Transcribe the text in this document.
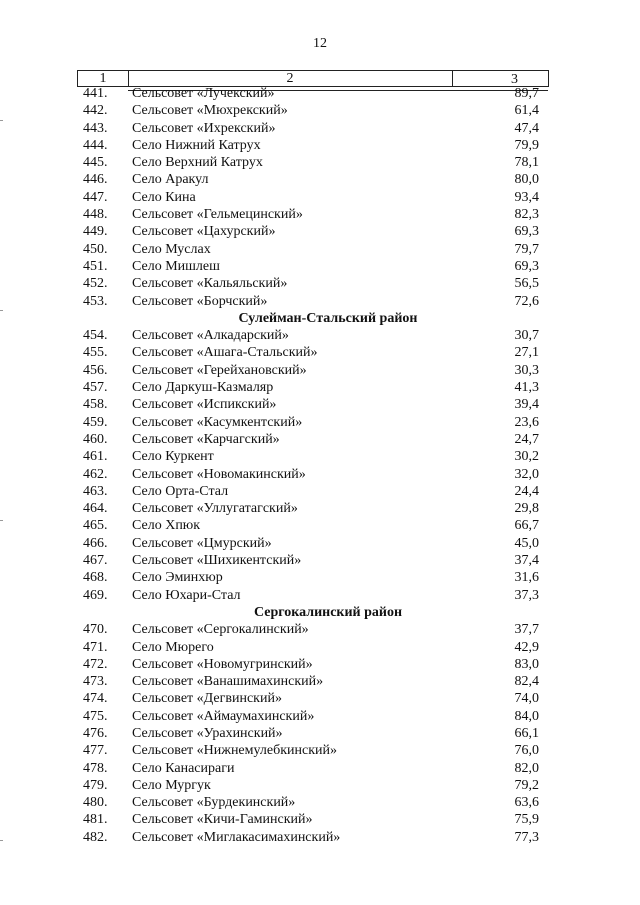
12
1	2	3
441. Сельсовет «Лучекский»	89,7
442. Сельсовет «Мюхрекский»	61,4
443. Сельсовет «Ихрекский»	47,4
444. Село Нижний Катрух	79,9
445. Село Верхний Катрух	78,1
446. Село Аракул	80,0
447. Село Кина	93,4
448. Сельсовет «Гельмецинский»	82,3
449. Сельсовет «Цахурский»	69,3
450. Село Муслах	79,7
451. Село Мишлеш	69,3
452. Сельсовет «Кальяльский»	56,5
453. Сельсовет «Борчский»	72,6
Сулейман-Стальский район
454. Сельсовет «Алкадарский»	30,7
455. Сельсовет «Ашага-Стальский»	27,1
456. Сельсовет «Герейхановский»	30,3
457. Село Даркуш-Казмаляр	41,3
458. Сельсовет «Испикский»	39,4
459. Сельсовет «Касумкентский»	23,6
460. Сельсовет «Карчагский»	24,7
461. Село Куркент	30,2
462. Сельсовет «Новомакинский»	32,0
463. Село Орта-Стал	24,4
464. Сельсовет «Уллугатагский»	29,8
465. Село Хпюк	66,7
466. Сельсовет «Цмурский»	45,0
467. Сельсовет «Шихикентский»	37,4
468. Село Эминхюр	31,6
469. Село Юхари-Стал	37,3
Сергокалинский район
470. Сельсовет «Сергокалинский»	37,7
471. Село Мюрего	42,9
472. Сельсовет «Новомугринский»	83,0
473. Сельсовет «Ванашимахинский»	82,4
474. Сельсовет «Дегвинский»	74,0
475. Сельсовет «Аймаумахинский»	84,0
476. Сельсовет «Урахинский»	66,1
477. Сельсовет «Нижнемулебкинский»	76,0
478. Село Канасираги	82,0
479. Село Мургук	79,2
480. Сельсовет «Бурдекинский»	63,6
481. Сельсовет «Кичи-Гаминский»	75,9
482. Сельсовет «Миглакасимахинский»	77,3
